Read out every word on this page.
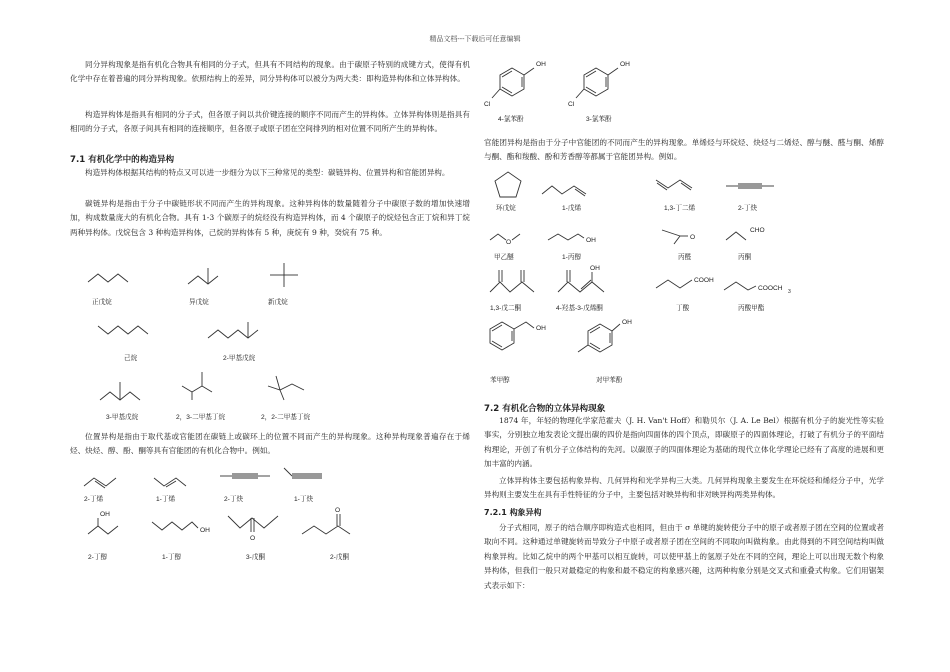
精品文档---下载后可任意编辑
同分异构现象是指有机化合物具有相同的分子式，但具有不同结构的现象。由于碳原子特别的成键方式，使得有机化学中存在着普遍的同分异构现象。依照结构上的差异，同分异构体可以被分为两大类：即构造异构体和立体异构体。
构造异构体是指具有相同的分子式，但各原子间以共价键连接的顺序不同而产生的异构体。立体异构体则是指具有相同的分子式，各原子间具有相同的连接顺序，但各原子或原子团在空间排列的相对位置不同所产生的异构体。
7.1 有机化学中的构造异构
构造异构体根据其结构的特点又可以进一步细分为以下三种常见的类型：碳链异构、位置异构和官能团异构。
碳链异构是指由于分子中碳链形状不同而产生的异构现象。这种异构体的数量随着分子中碳原子数的增加快速增加，构成数量庞大的有机化合物。具有 1-3 个碳原子的烷烃没有构造异构体，而 4 个碳原子的烷烃包含正丁烷和异丁烷两种异构体。戊烷包含 3 种构造异构体，己烷的异构体有 5 种，庚烷有 9 种，癸烷有 75 种。
正戊烷	异戊烷	新戊烷
己烷	2-甲基戊烷
3-甲基戊烷	2，3-二甲基丁烷	2，2-二甲基丁烷
位置异构是指由于取代基或官能团在碳链上或碳环上的位置不同而产生的异构现象。这种异构现象普遍存在于烯烃、炔烃、醇、酚、酮等具有官能团的有机化合物中。例如。
2-丁烯	1-丁烯	2-丁炔	1-丁炔
OH
OH
O
O
2-丁醇	1-丁醇	3-戊酮	2-戊酮
OH
Cl
OH
Cl
4-氯苯酚	3-氯苯酚
官能团异构是指由于分子中官能团的不同而产生的异构现象。单烯烃与环烷烃、炔烃与二烯烃、醇与醚、醛与酮、烯醇与酮、酯和羧酸、酚和芳香醇等都属于官能团异构。例如。
环戊烷	1-戊烯	1,3-丁二烯	2-丁炔
O	OH	O
CHO
甲乙醚	1-丙醇	丙醛	丙酮
OH
COOH
COOCH 3
1,3-戊二酮	4-羟基-3-戊烯酮	丁酸	丙酸甲酯
OH
OH
苯甲醇	对甲苯酚
7.2 有机化合物的立体异构现象
1874 年，年轻的物理化学家范霍夫（J. H. Van't Hoff）和勒贝尔（J. A. Le Bel）根据有机分子的旋光性等实验事实，分别独立地发表论文提出碳的四价是指向四面体的四个顶点，即碳原子的四面体理论，打破了有机分子的平面结构理论，开创了有机分子立体结构的先河。以碳原子的四面体理论为基础的现代立体化学理论已经有了高度的进展和更加丰富的内涵。
立体异构体主要包括构象异构、几何异构和光学异构三大类。几何异构现象主要发生在环烷烃和烯烃分子中，光学异构则主要发生在具有手性特征的分子中，主要包括对映异构和非对映异构两类异构体。
7.2.1 构象异构
分子式相同，原子的结合顺序即构造式也相同，但由于 σ 单键的旋转使分子中的原子或者原子团在空间的位置或者取向不同。这种通过单键旋转而导致分子中原子或者原子团在空间的不同取向叫做构象。由此得到的不同空间结构叫做构象异构。比如乙烷中的两个甲基可以相互旋转，可以使甲基上的氢原子处在不同的空间，理论上可以出现无数个构象异构体，但我们一般只对最稳定的构象和最不稳定的构象感兴趣，这两种构象分别是交叉式和重叠式构象。它们用锯架式表示如下：
